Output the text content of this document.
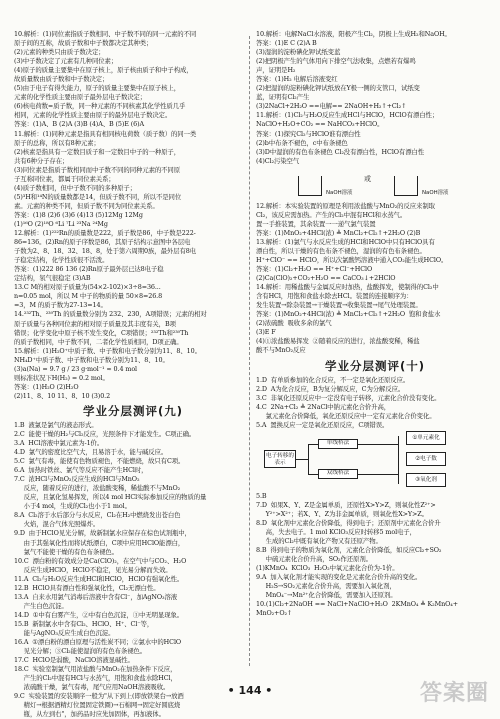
10.解析：(1)同位素指质子数相同、中子数不同的同一元素的不同
原子间的互称，故质子数和中子数都决定其种类；
(2)元素的种类只由质子数决定；
(3)中子数决定了元素有几种同位素；
(4)原子的质量主要集中在原子核上，原子核由质子和中子构成，
故质量数由质子数和中子数决定；
(5)由于电子有得失能力，原子的质量主要集中在原子核上，
元素的化学性质主要由原子最外层电子数决定；
(6)核电荷数=质子数，同一种元素的不同核素其化学性质几乎
相同，元素的化学性质主要由原子的最外层电子数决定。
答案：(1)A、B (2)A (3)B (4)A、B (5)E (6)A
11.解析：(1)同种元素是指具有相同核电荷数（质子数）的同一类
原子的总称，所以有8种元素；
(2)核素是指具有一定数目质子和一定数目中子的一种原子，
共有6种分子存在；
(3)同位素是指质子数相同而中子数不同的同种元素的不同原
子互称同位素，都属于同位素关系；
(4)质子数相同，但中子数不同的多种原子；
(5)³H和¹⁴N的质量数都是14，但质子数不同，所以不是同位
素。元素的种类不同，但质子数不同为同位素关系。
答案：(1)8 (2)6 (3)6 (4)13 (5)12Mg 12Mg
(1)¹⁶O (2)¹⁸O ⁶Li ⁷Li ²³Na ²⁴Mg
12.解析：(1)²²²Rn的质量数是222，质子数是86，中子数是222-
86=136。(2)Rn的原子序数是86，其原子结构示意图中各层电
子数为2、8、18、32、18、8，处于第六周期0族，最外层有8电
子稳定结构，化学性质很不活泼。
答案：(1)222 86 136 (2)Rn原子最外层已达8电子稳
定结构，氡气很稳定 (3)AB
13.C M的相对原子质量为(54×2-102)×3÷8=36...
n=0.05 mol，所以 M 中子的物质的量 50×8=26.8
=3，M 的质子数为27-13=14。
14.²³²Th、²³⁰Th 的质量数分别为 232、230，A项错误；元素的相对
原子质量与各种同位素的相对原子质量及其丰度有关，B项
错误；化学变化中原子核不发生变化，C项错误；²³²Th和²³⁰Th
的质子数相同，中子数不同，二者化学性质相同，D项正确。
15.解析：(1)H₂O⁺中质子数、中子数和电子数分别为11、8、10。
NH₄D⁺中质子数、中子数和电子数分别为11、8、10。
(3)a(Na) = 9.7 g / 23 g·mol⁻¹ ≈ 0.4 mol
则标准状况下H(H₂) = 0.2 mol。
答案：(1)H₂O (2)H₂O
(2)11、8、10 11、8、10 (3)0.2
学业分层测评(九)
1.B  液氯是氯气的液态形式。
2.C  能使干燥的H₂与Cl₂反应，光照条件下才能发生。C项正确。
3.A  HCl溶液中氯元素为-1价。
4.D  氯气的密度比空气大，且易溶于水，能与碱反应。
5.C  氯气有毒，能使有色物质褪色，不能燃烧，故只有C项。
6.A  加热时铁丝、氯气等反应不能产生HCl时，
7.C  浓HCl与MnO₂反应生成的HCl与MnO₂
反应，随着反应的进行，浓盐酸变稀，稀盐酸不与MnO₂
反应，且氯化氢易挥发，所以4 mol HCl实际参加反应的物质的量
小于4 mol，生成的Cl₂也小于1 mol。
8.A  Cl₂溶于水后部分与水反应，Cl₂在H₂中燃烧发出苍白色
火焰，混合气体光照爆炸。
9.D  由于HClO见光分解，故新制氯水应保存在棕色试剂瓶中，
由于其强氧化性而将试纸漂白，C项中应用HClO能漂白，
氯气不能使干燥的有色布条褪色。
10.C  漂白粉的有效成分是Ca(ClO)₂，在空气中与CO₂、H₂O
反应生成HClO，HClO不稳定，见光易分解而失效。
11.A  Cl₂与H₂O反应生成HCl和HClO，HClO有强氧化性。
12.B  HClO具有漂白性和强氧化性，Cl₂无漂白性。
13.A  自来水用氯气消毒后溶液中含有Cl⁻，加AgNO₃溶液
产生白色沉淀。
14.D  ①中有白雾产生，②中有白色沉淀，③中无明显现象。
15.B  新制氯水中含有Cl₂、HClO、H⁺、Cl⁻等，
能与AgNO₃反应生成白色沉淀。
16.A  ①漂白粉的漂白原理与活性炭不同；②氯水中的HClO
见光分解；③Cl₂能使湿润的有色布条褪色。
17.C  HClO是弱酸，NaClO溶液显碱性。
18.C  实验室制氯气用浓盐酸与MnO₂在加热条件下反应，
产生的Cl₂中混有HCl与水蒸气，用饱和食盐水除HCl，
浓硫酸干燥，氯气有毒，尾气应用NaOH溶液吸收。
9.C  实验装置的安装顺序一般为"从下到上(即放铁架台→放酒
精灯→根据酒精灯位置固定铁圈)→石棉网→固定好圆底烧
瓶，从左到右"，加药品时应先加固体，再加液体。
10.解析：电解NaCl水溶液，阳极产生Cl₂，阴极上生成H₂和NaOH。
答案：(1)E C (2)A B
(3)湿润的淀粉碘化钾试纸变蓝
(2)把阴极产生的气体用向下排空气法收集，点燃若有爆鸣
声，证明是H₂
答案：(1)H₂ 电解后溶液变红
(2)把湿润的淀粉碘化钾试纸放在Y极一侧的支管口，试纸变
蓝，证明有Cl₂产生
(3)2NaCl+2H₂O ==电解== 2NaOH+H₂↑+Cl₂↑
11.解析：(1)Cl₂与H₂O反应生成HCl与HClO，HClO有漂白性；
NaClO+H₂O+CO₂ == NaHCO₃+HClO。
答案：(1)探究Cl₂与HClO谁有漂白性
(2)b中布条不褪色，c中布条褪色
(3)D中湿润的有色布条褪色 Cl₂没有漂白性，HClO有漂白性
(4)Cl₂污染空气
NaOH溶液
或
NaOH溶液
12.解析：本实验装置的原理是利用浓盐酸与MnO₂的反应来制取
Cl₂，该反应需加热。产生的Cl₂中混有HCl和水蒸气。
置一手推装置，其余装置一一递气氯气装置
答案：(1)MnO₂+4HCl(浓) ≜ MnCl₂+Cl₂↑+2H₂O (2)B
13.解析：(1)氯气与水反应生成的HCl和HClO中只有HClO具有
漂白性，所以干燥的有色布条不褪色，湿润的有色布条褪色。
H⁺+ClO⁻ == HClO，所以次氯酸钙溶液中通入CO₂能生成HClO。
答案：(1)Cl₂+H₂O == H⁺+Cl⁻+HClO
(2)Ca(ClO)₂+CO₂+H₂O == CaCO₃↓+2HClO
14.解析：用稀盐酸与金属反应时加热，盐酸挥发，使制得的Cl₂中
含有HCl，用饱和食盐水除去HCl。装置的连接顺序为：
发生装置→除杂装置→干燥装置→收集装置→尾气处理装置。
答案：(1)MnO₂+4HCl(浓) ≜ MnCl₂+Cl₂↑+2H₂O  饱和食盐水
(2)浓硫酸  吸收多余的氯气
(3)E F
(4)①浓盐酸易挥发  ②随着反应的进行，浓盐酸变稀，稀盐
酸不与MnO₂反应
学业分层测评(十)
1.D  有单质参加的化合反应，不一定是氧化还原反应。
2.D  A为化合反应，B为复分解反应，C为分解反应。
3.C  非氧化还原反应中一定没有电子转移，元素化合价没有变化。
4.C  2Na+Cl₂ ≜ 2NaCl中钠元素化合价升高，
氯元素化合价降低，氧化还原反应中一定有元素化合价变化。
5.A  置换反应一定是氧化还原反应，C项错误。
电子转移的表示
单线桥法
双线桥法
①单元素化
②电子数
③氧化剂
5.B
7.D  如果X、Y、Z是金属单质，还原性X>Y>Z，则氧化性Z²⁺>
Y²⁺>X²⁺；若X、Y、Z为非金属单质，则氧化性X>Y>Z。
8.D  氧化剂中元素化合价降低，得到电子；还原剂中元素化合价升
高，失去电子。1 mol KClO₃反应时转移5 mol电子，
生成的Cl₂中既有氧化产物又有还原产物。
8.B  得到电子的物质为氧化剂，元素化合价降低，如反应Cl₂+SO₂
中硫元素化合价升高，SO₂作还原剂。
(1)KMnO₄  KClO₃  H₂O₂中氧元素化合价为-1价。
9.A  加入氧化剂才能实现的变化是元素化合价升高的变化。
H₂S→SO₂元素化合价升高，需要加入氧化剂，
MnO₄⁻→Mn²⁺化合价降低，需要加入还原剂。
10.(1)Cl₂+2NaOH == NaCl+NaClO+H₂O  2KMnO₄ ≜ K₂MnO₄+
MnO₂+O₂↑
• 144 •	答案圈
